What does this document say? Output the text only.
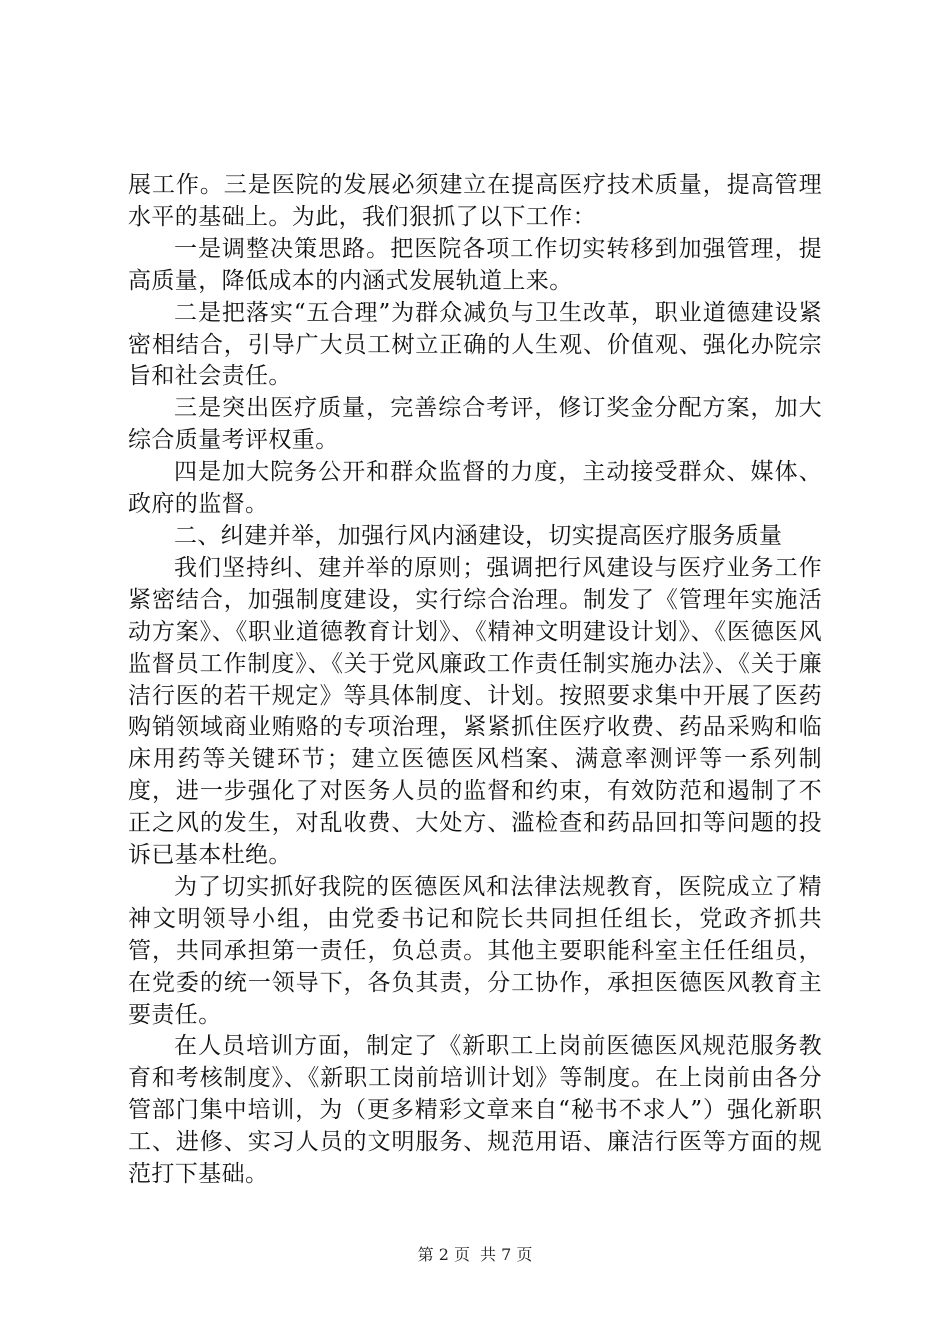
展工作。三是医院的发展必须建立在提高医疗技术质量，提高管理水平的基础上。为此，我们狠抓了以下工作：

一是调整决策思路。把医院各项工作切实转移到加强管理，提高质量，降低成本的内涵式发展轨道上来。

二是把落实“五合理”为群众减负与卫生改革，职业道德建设紧密相结合，引导广大员工树立正确的人生观、价值观、强化办院宗旨和社会责任。

三是突出医疗质量，完善综合考评，修订奖金分配方案，加大综合质量考评权重。

四是加大院务公开和群众监督的力度，主动接受群众、媒体、政府的监督。

二、纠建并举，加强行风内涵建设，切实提高医疗服务质量

我们坚持纠、建并举的原则；强调把行风建设与医疗业务工作紧密结合，加强制度建设，实行综合治理。制发了《管理年实施活动方案》、《职业道德教育计划》、《精神文明建设计划》、《医德医风监督员工作制度》、《关于党风廉政工作责任制实施办法》、《关于廉洁行医的若干规定》等具体制度、计划。按照要求集中开展了医药购销领域商业贿赂的专项治理，紧紧抓住医疗收费、药品采购和临床用药等关键环节；建立医德医风档案、满意率测评等一系列制度，进一步强化了对医务人员的监督和约束，有效防范和遏制了不正之风的发生，对乱收费、大处方、滥检查和药品回扣等问题的投诉已基本杜绝。

为了切实抓好我院的医德医风和法律法规教育，医院成立了精神文明领导小组，由党委书记和院长共同担任组长，党政齐抓共管，共同承担第一责任，负总责。其他主要职能科室主任任组员，在党委的统一领导下，各负其责，分工协作，承担医德医风教育主要责任。

在人员培训方面，制定了《新职工上岗前医德医风规范服务教育和考核制度》、《新职工岗前培训计划》等制度。在上岗前由各分管部门集中培训，为（更多精彩文章来自“秘书不求人”）强化新职工、进修、实习人员的文明服务、规范用语、廉洁行医等方面的规范打下基础。

第 2 页 共 7 页
